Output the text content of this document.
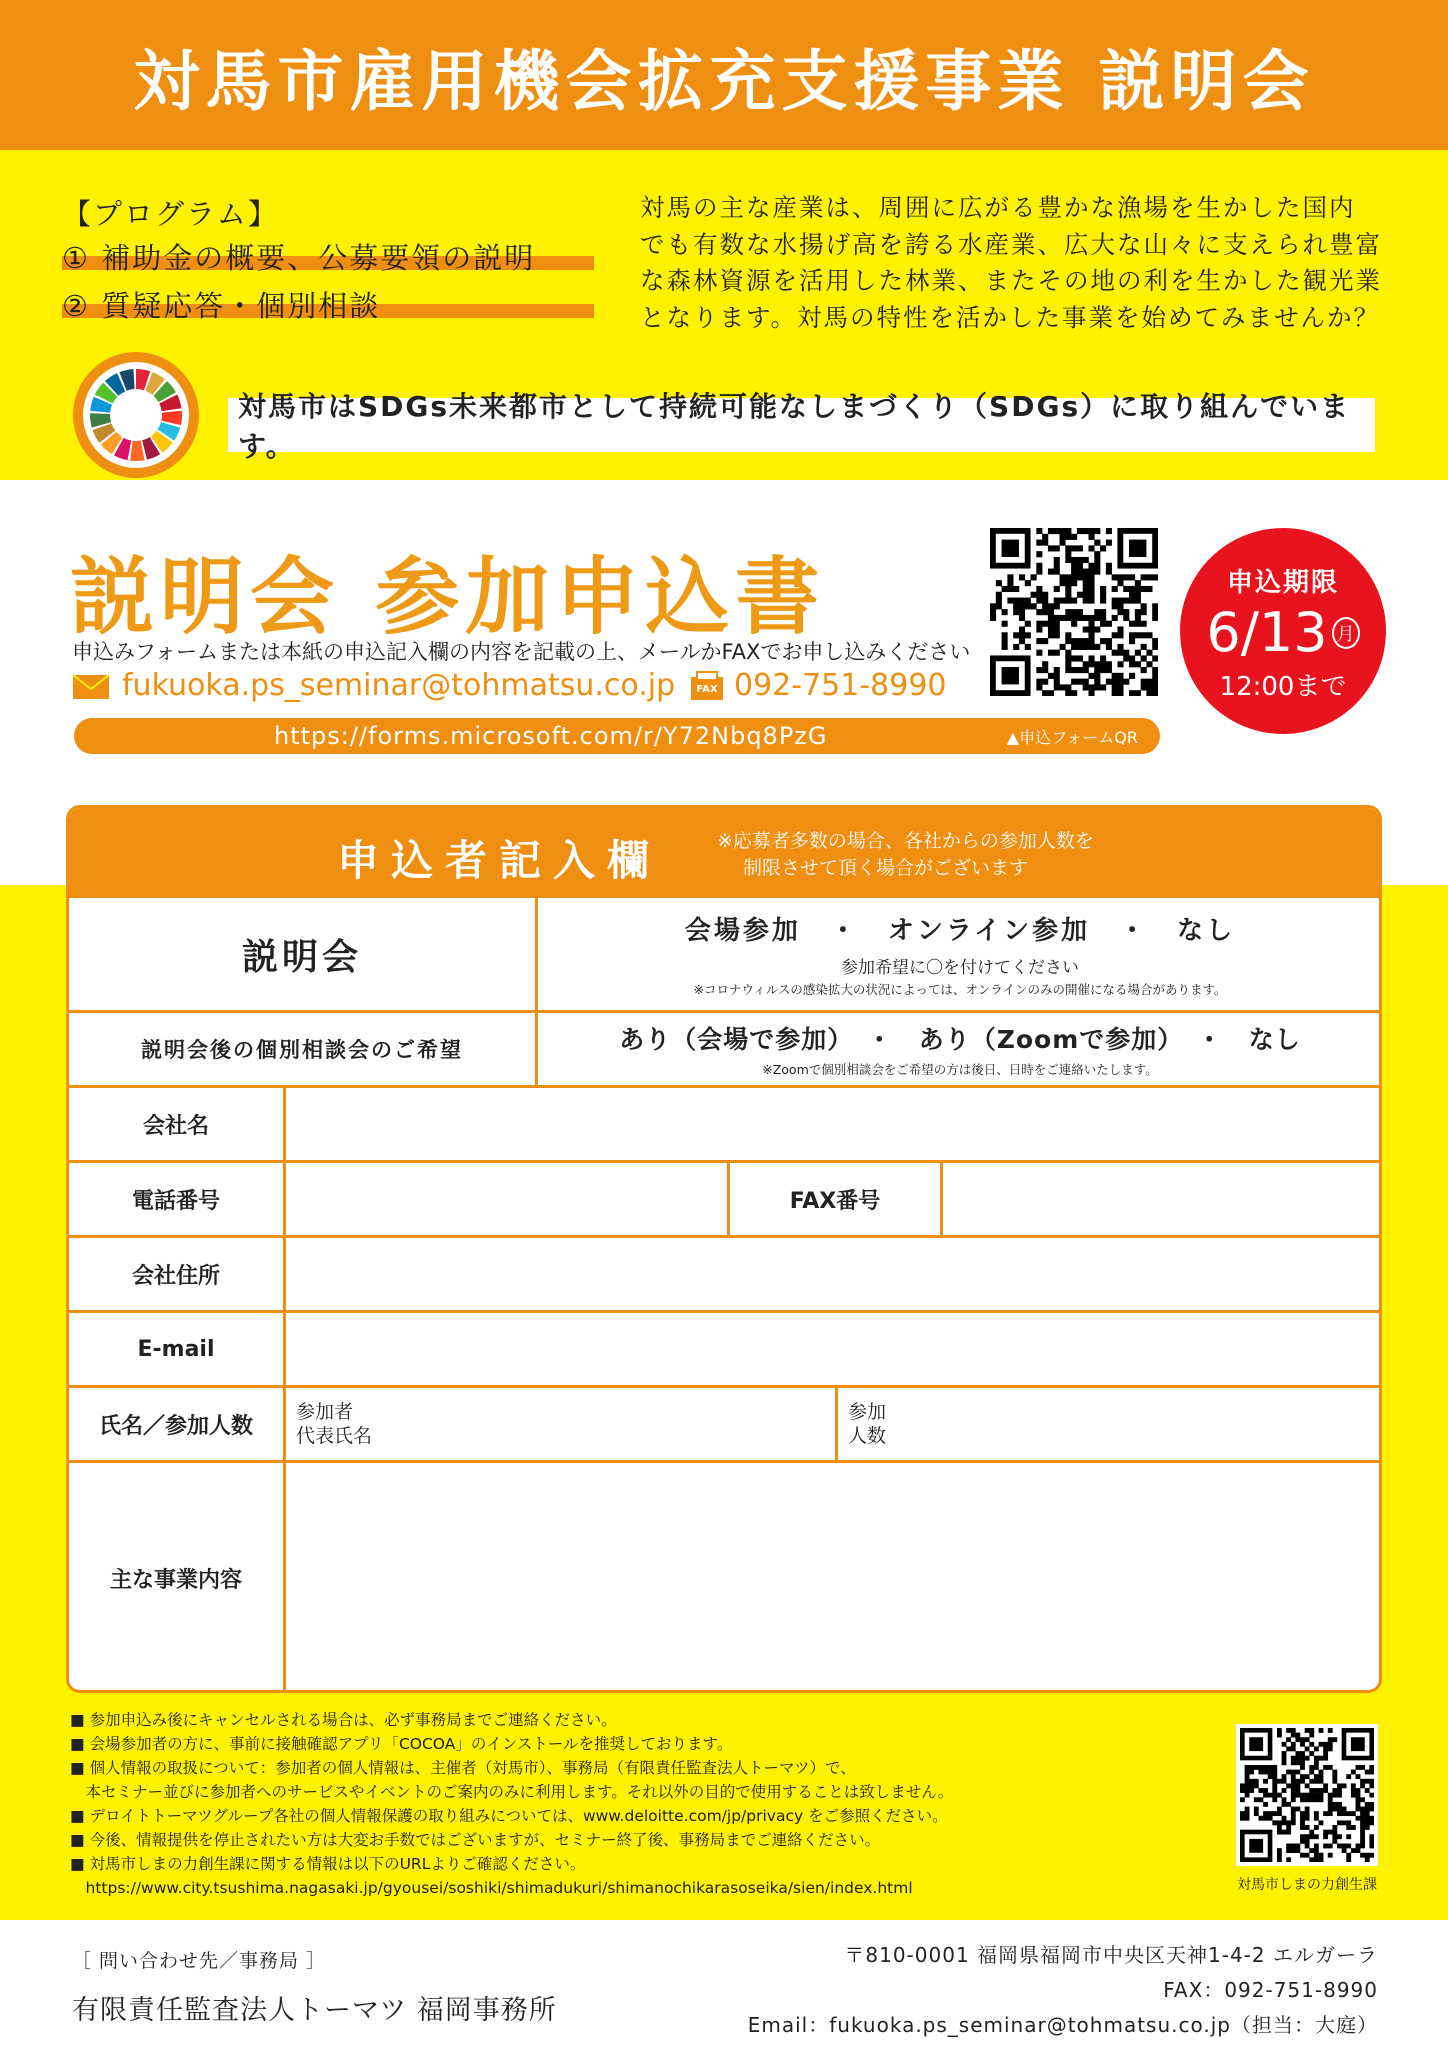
対馬市雇用機会拡充支援事業 説明会
【プログラム】
① 補助金の概要、公募要領の説明
② 質疑応答・個別相談
対馬の主な産業は、周囲に広がる豊かな漁場を生かした国内
でも有数な水揚げ高を誇る水産業、広大な山々に支えられ豊富
な森林資源を活用した林業、またその地の利を生かした観光業
となります。対馬の特性を活かした事業を始めてみませんか？
対馬市はSDGs未来都市として持続可能なしまづくり（SDGs）に取り組んでいます。
説明会 参加申込書
申込みフォームまたは本紙の申込記入欄の内容を記載の上、メールかFAXでお申し込みください
fukuoka.ps_seminar@tohmatsu.co.jp	FAX 092-751-8990
https://forms.microsoft.com/r/Y72Nbq8PzG	▲申込フォームQR
申込期限
6/13 月
12:00まで
申込者記入欄	※応募者多数の場合、各社からの参加人数を
制限させて頂く場合がございます
説明会
会場参加　・　オンライン参加　・　なし
参加希望に〇を付けてください
※コロナウィルスの感染拡大の状況によっては、オンラインのみの開催になる場合があります。
説明会後の個別相談会のご希望	あり（会場で参加）　・　あり（Zoomで参加）　・　なし
※Zoomで個別相談会をご希望の方は後日、日時をご連絡いたします。
会社名
電話番号	FAX番号
会社住所
E-mail
氏名／参加人数
参加者
代表氏名
参加
人数
主な事業内容
■ 参加申込み後にキャンセルされる場合は、必ず事務局までご連絡ください。
■ 会場参加者の方に、事前に接触確認アプリ「COCOA」のインストールを推奨しております。
■ 個人情報の取扱について：参加者の個人情報は、主催者（対馬市）、事務局（有限責任監査法人トーマツ）で、
　本セミナー並びに参加者へのサービスやイベントのご案内のみに利用します。それ以外の目的で使用することは致しません。
■ デロイトトーマツグループ各社の個人情報保護の取り組みについては、www.deloitte.com/jp/privacy をご参照ください。
■ 今後、情報提供を停止されたい方は大変お手数ではございますが、セミナー終了後、事務局までご連絡ください。
■ 対馬市しまの力創生課に関する情報は以下のURLよりご確認ください。
　https://www.city.tsushima.nagasaki.jp/gyousei/soshiki/shimadukuri/shimanochikarasoseika/sien/index.html	対馬市しまの力創生課
［ 問い合わせ先／事務局 ］
有限責任監査法人トーマツ 福岡事務所
〒810-0001 福岡県福岡市中央区天神1-4-2 エルガーラ
FAX：092-751-8990
Email：fukuoka.ps_seminar@tohmatsu.co.jp（担当：大庭）
